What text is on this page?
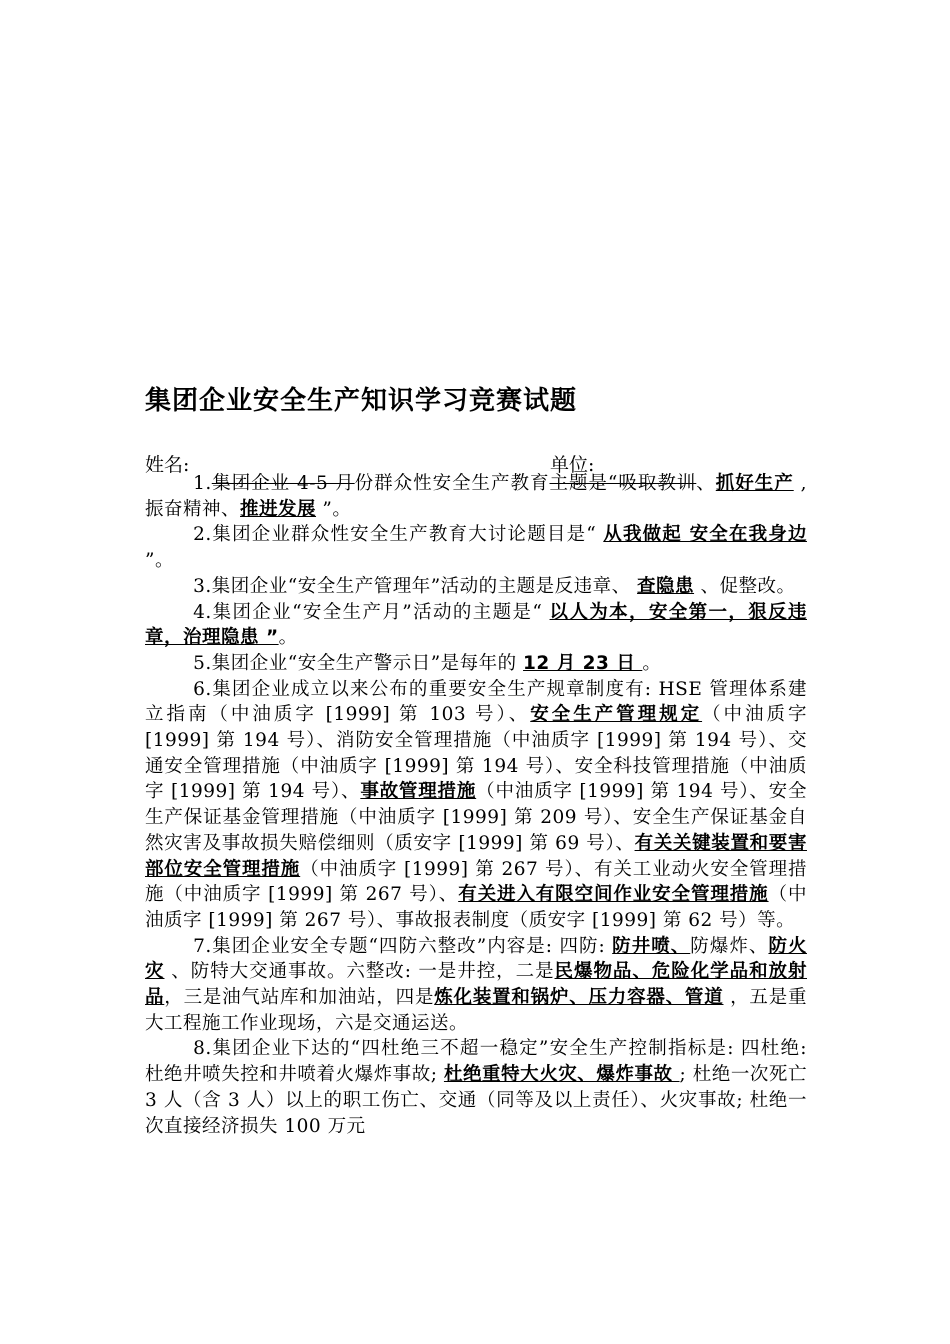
集团企业安全生产知识学习竞赛试题
姓名:	单位:

1.集团企业 4-5 月份群众性安全生产教育主题是“吸取教训、抓好生产 ,振奋精神、推进发展 ”。

2.集团企业群众性安全生产教育大讨论题目是“ 从我做起 安全在我身边 ”。

3.集团企业“安全生产管理年”活动的主题是反违章、 查隐患 、促整改。

4.集团企业“安全生产月”活动的主题是“ 以人为本，安全第一，狠反违章，治理隐患 ”。

5.集团企业“安全生产警示日”是每年的 12 月 23 日 。

6.集团企业成立以来公布的重要安全生产规章制度有: HSE 管理体系建立指南（中油质字 [1999] 第 103 号）、安全生产管理规定（中油质字 [1999] 第 194 号）、消防安全管理措施（中油质字 [1999] 第 194 号）、交通安全管理措施（中油质字 [1999] 第 194 号）、安全科技管理措施（中油质字 [1999] 第 194 号）、事故管理措施（中油质字 [1999] 第 194 号）、安全生产保证基金管理措施（中油质字 [1999] 第 209 号）、安全生产保证基金自然灾害及事故损失赔偿细则（质安字 [1999] 第 69 号）、有关关键装置和要害部位安全管理措施（中油质字 [1999] 第 267 号）、有关工业动火安全管理措施（中油质字 [1999] 第 267 号）、有关进入有限空间作业安全管理措施（中油质字 [1999] 第 267 号）、事故报表制度（质安字 [1999] 第 62 号）等。

7.集团企业安全专题“四防六整改”内容是: 四防: 防井喷、防爆炸、防火灾 、防特大交通事故。六整改: 一是井控，二是民爆物品、危险化学品和放射品，三是油气站库和加油站，四是炼化装置和锅炉、压力容器、管道 ，五是重大工程施工作业现场，六是交通运送。

8.集团企业下达的“四杜绝三不超一稳定”安全生产控制指标是: 四杜绝: 杜绝井喷失控和井喷着火爆炸事故; 杜绝重特大火灾、爆炸事故 ; 杜绝一次死亡 3 人（含 3 人）以上的职工伤亡、交通（同等及以上责任）、火灾事故; 杜绝一次直接经济损失 100 万元
